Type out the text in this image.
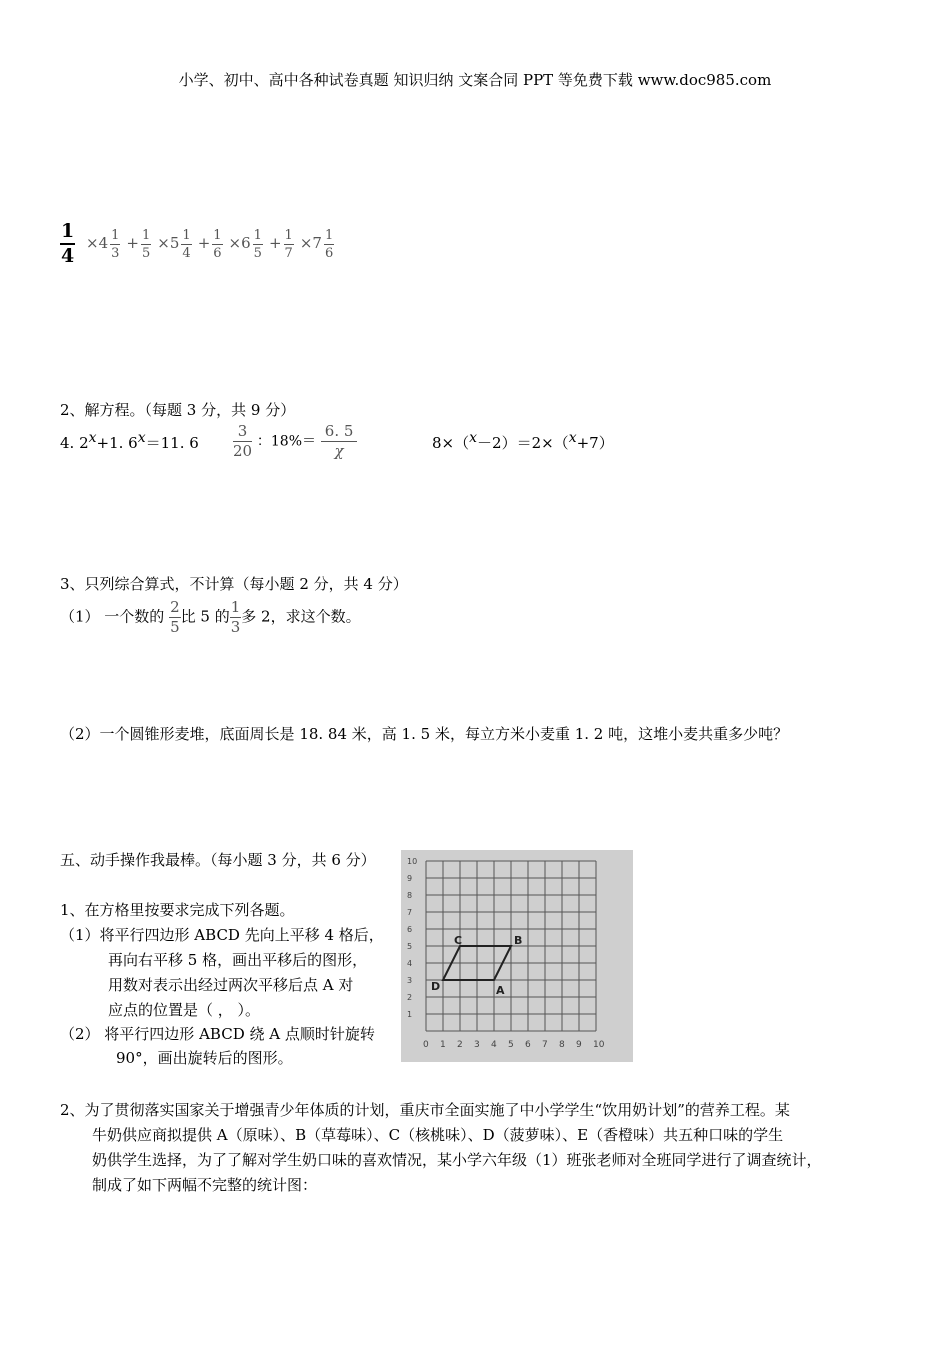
小学、初中、高中各种试卷真题 知识归纳 文案合同 PPT 等免费下载 www.doc985.com
$\frac{1}{4} \times 4 \frac{1}{3} + \frac{1}{5} \times 5 \frac{1}{4} + \frac{1}{6} \times 6 \frac{1}{5} + \frac{1}{7} \times 7 \frac{1}{6}$
2、解方程。（每题 3 分，共 9 分）
4. 2x+1. 6x＝11. $6 \frac{3}{20}$ ：$18\%= \frac{6. 5}{\chi}$	8×（x－2）＝2×（x+7）
3、只列综合算式，不计算（每小题 2 分，共 4 分）
（1） 一个数的 $\frac{2}{5}$ 比 5 的 $\frac{1}{3}$ 多 2，求这个数。
（2）一个圆锥形麦堆，底面周长是 18. 84 米，高 1. 5 米，每立方米小麦重 1. 2 吨，这堆小麦共重多少吨？
五、动手操作我最棒。（每小题 3 分，共 6 分）
1、在方格里按要求完成下列各题。
（1）将平行四边形 ABCD 先向上平移 4 格后，
再向右平移 5 格，画出平移后的图形，
用数对表示出经过两次平移后点 A 对
应点的位置是（ ， ）。
（2） 将平行四边形 ABCD 绕 A 点顺时针旋转
90°，画出旋转后的图形。
0 1 2 3 4 5 6 7 8 9 10
1
2
3
4
5
6
7
8
9
10
A
B
C
D
2、为了贯彻落实国家关于增强青少年体质的计划，重庆市全面实施了中小学学生“饮用奶计划”的营养工程。某
牛奶供应商拟提供 A（原味）、B（草莓味）、C（核桃味）、D（菠萝味）、E（香橙味）共五种口味的学生
奶供学生选择，为了了解对学生奶口味的喜欢情况，某小学六年级（1）班张老师对全班同学进行了调查统计，
制成了如下两幅不完整的统计图：
